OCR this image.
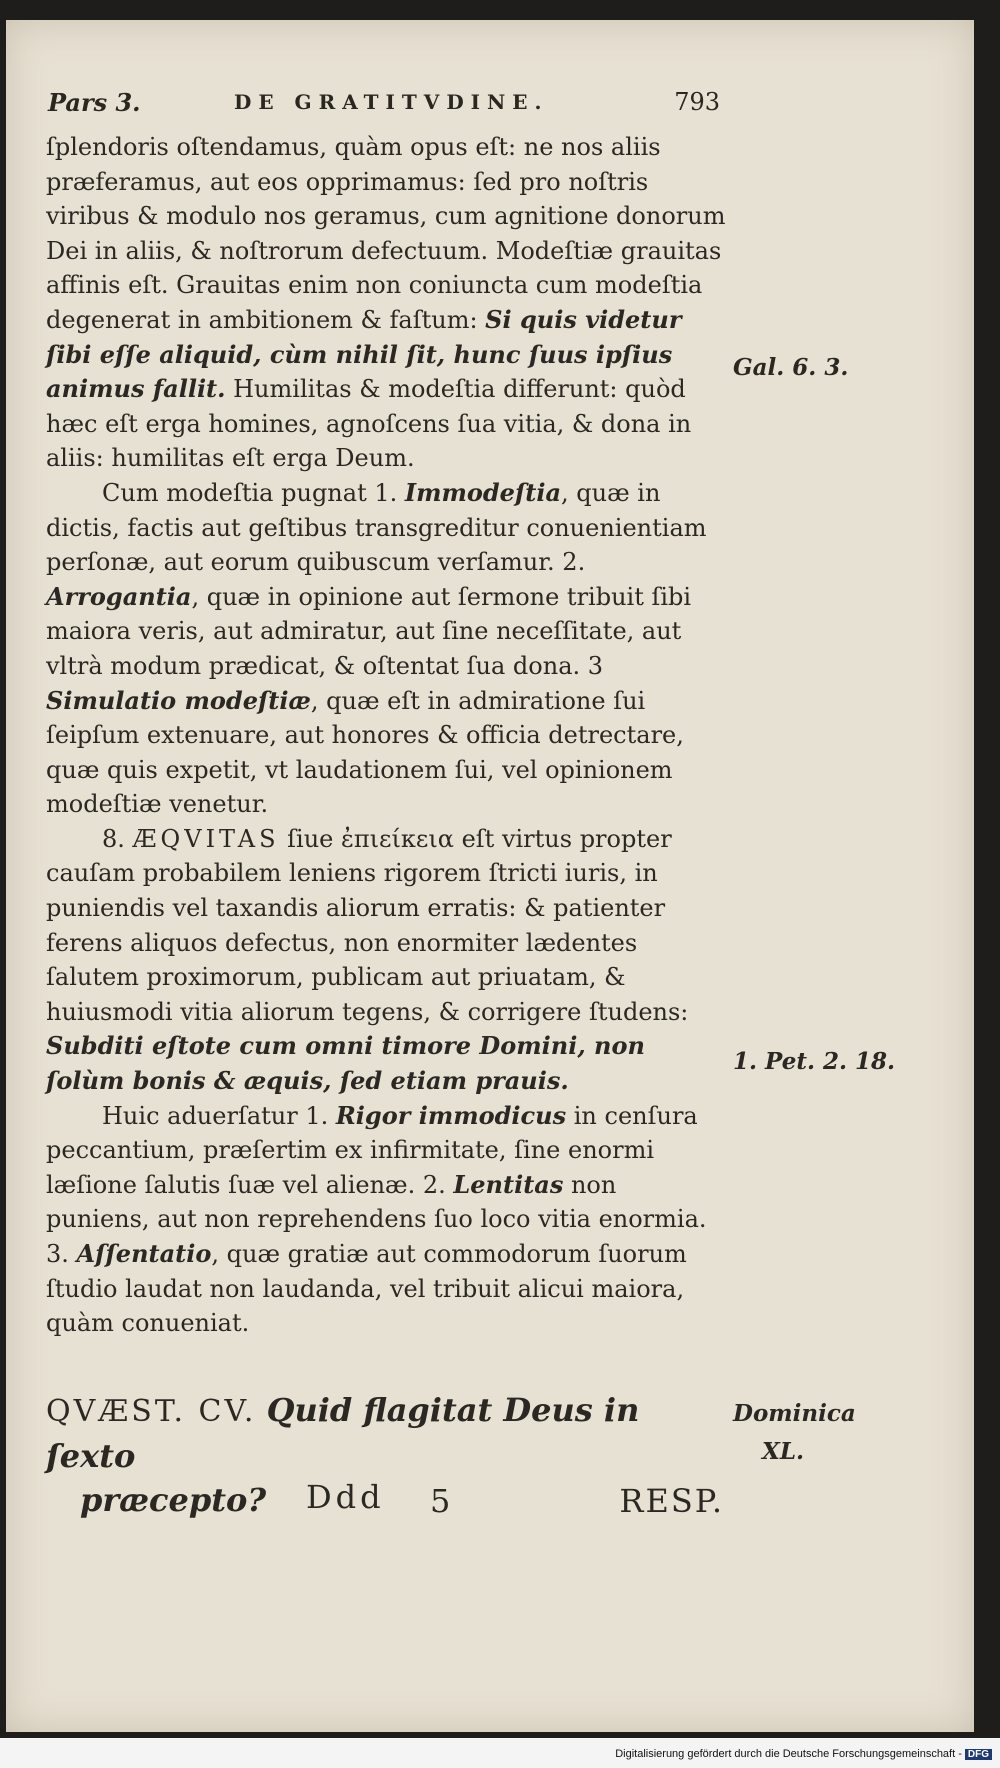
Pars 3.	DE GRATITVDINE.	793

ſplendoris oſtendamus, quàm opus eſt: ne nos aliis præferamus, aut eos opprimamus: ſed pro noſtris viribus & modulo nos geramus, cum agnitione donorum Dei in aliis, & noſtrorum defectuum. Modeſtiæ grauitas affinis eſt. Grauitas enim non coniuncta cum modeſtia degenerat in ambitionem & faſtum: Si quis videtur ſibi eſſe aliquid, cùm nihil ſit, hunc ſuus ipſius animus fallit. Humilitas & modeſtia differunt: quòd hæc eſt erga homines, agnoſcens ſua vitia, & dona in aliis: humilitas eſt erga Deum.

Cum modeſtia pugnat 1. Immodeſtia, quæ in dictis, factis aut geſtibus transgreditur conuenientiam perſonæ, aut eorum quibuscum verſamur. 2. Arrogantia, quæ in opinione aut ſermone tribuit ſibi maiora veris, aut admiratur, aut ſine neceſſitate, aut vltrà modum prædicat, & oſtentat ſua dona. 3 Simulatio modeſtiæ, quæ eſt in admiratione ſui ſeipſum extenuare, aut honores & officia detrectare, quæ quis expetit, vt laudationem ſui, vel opinionem modeſtiæ venetur.

8. ÆQVITAS ſiue ἐπιείκεια eſt virtus propter cauſam probabilem leniens rigorem ſtricti iuris, in puniendis vel taxandis aliorum erratis: & patienter ferens aliquos defectus, non enormiter lædentes ſalutem proximorum, publicam aut priuatam, & huiusmodi vitia aliorum tegens, & corrigere ſtudens: Subditi eſtote cum omni timore Domini, non ſolùm bonis & æquis, ſed etiam prauis.

Huic aduerſatur 1. Rigor immodicus in cenſura peccantium, præſertim ex infirmitate, ſine enormi læſione ſalutis ſuæ vel alienæ. 2. Lentitas non puniens, aut non reprehendens ſuo loco vitia enormia. 3. Aſſentatio, quæ gratiæ aut commodorum ſuorum ſtudio laudat non laudanda, vel tribuit alicui maiora, quàm conueniat.

Gal. 6. 3.
1. Pet. 2. 18.
Dominica
XL.
QVÆST. CV. Quid flagitat Deus in ſexto
præcepto?	Ddd 5	RESP.
Digitalisierung gefördert durch die Deutsche Forschungsgemeinschaft - DFG
